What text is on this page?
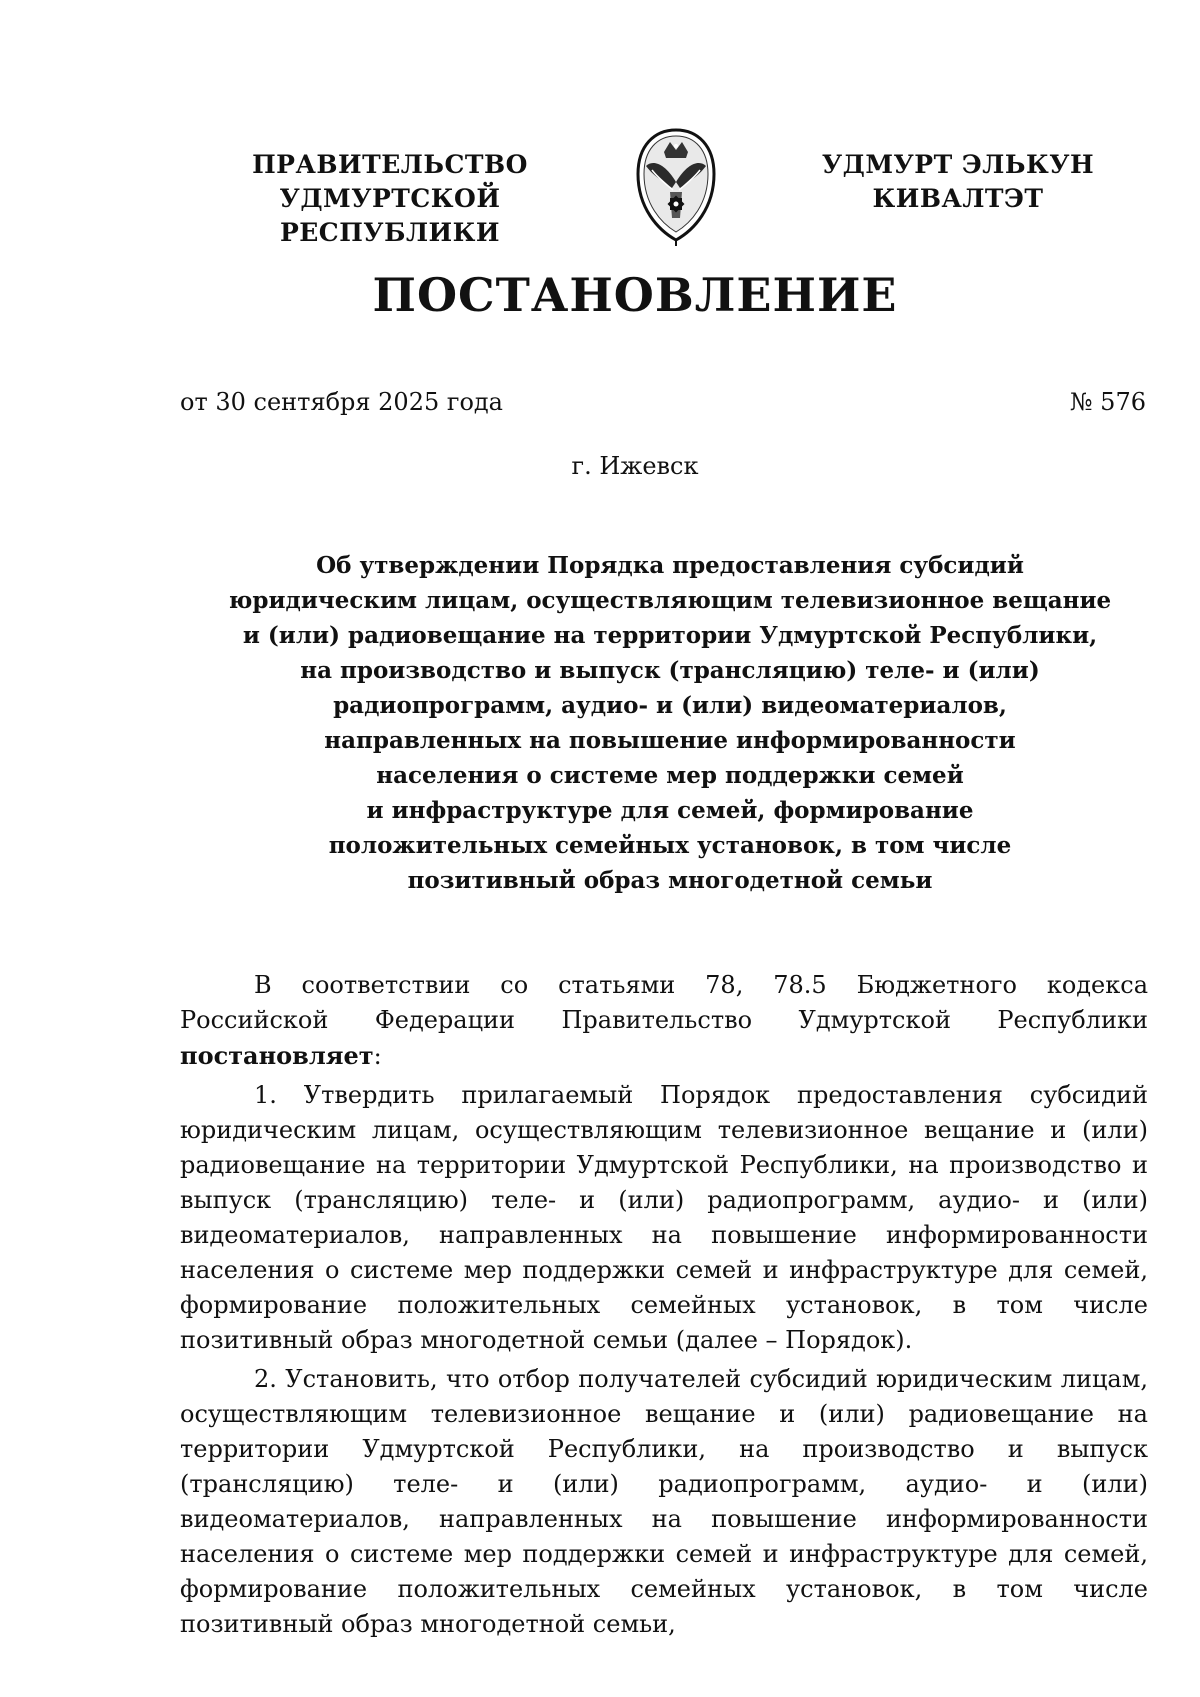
ПРАВИТЕЛЬСТВО
УДМУРТСКОЙ РЕСПУБЛИКИ
УДМУРТ ЭЛЬКУН
КИВАЛТЭТ
ПОСТАНОВЛЕНИЕ
от 30 сентября 2025 года	№ 576
г. Ижевск
Об утверждении Порядка предоставления субсидий
юридическим лицам, осуществляющим телевизионное вещание
и (или) радиовещание на территории Удмуртской Республики,
на производство и выпуск (трансляцию) теле- и (или)
радиопрограмм, аудио- и (или) видеоматериалов,
направленных на повышение информированности
населения о системе мер поддержки семей
и инфраструктуре для семей, формирование
положительных семейных установок, в том числе
позитивный образ многодетной семьи

В соответствии со статьями 78, 78.5 Бюджетного кодекса Российской Федерации Правительство Удмуртской Республики постановляет:

1. Утвердить прилагаемый Порядок предоставления субсидий юридическим лицам, осуществляющим телевизионное вещание и (или) радиовещание на территории Удмуртской Республики, на производство и выпуск (трансляцию) теле- и (или) радиопрограмм, аудио- и (или) видеоматериалов, направленных на повышение информированности населения о системе мер поддержки семей и инфраструктуре для семей, формирование положительных семейных установок, в том числе позитивный образ многодетной семьи (далее – Порядок).

2. Установить, что отбор получателей субсидий юридическим лицам, осуществляющим телевизионное вещание и (или) радиовещание на территории Удмуртской Республики, на производство и выпуск (трансляцию) теле- и (или) радиопрограмм, аудио- и (или) видеоматериалов, направленных на повышение информированности населения о системе мер поддержки семей и инфраструктуре для семей, формирование положительных семейных установок, в том числе позитивный образ многодетной семьи,
